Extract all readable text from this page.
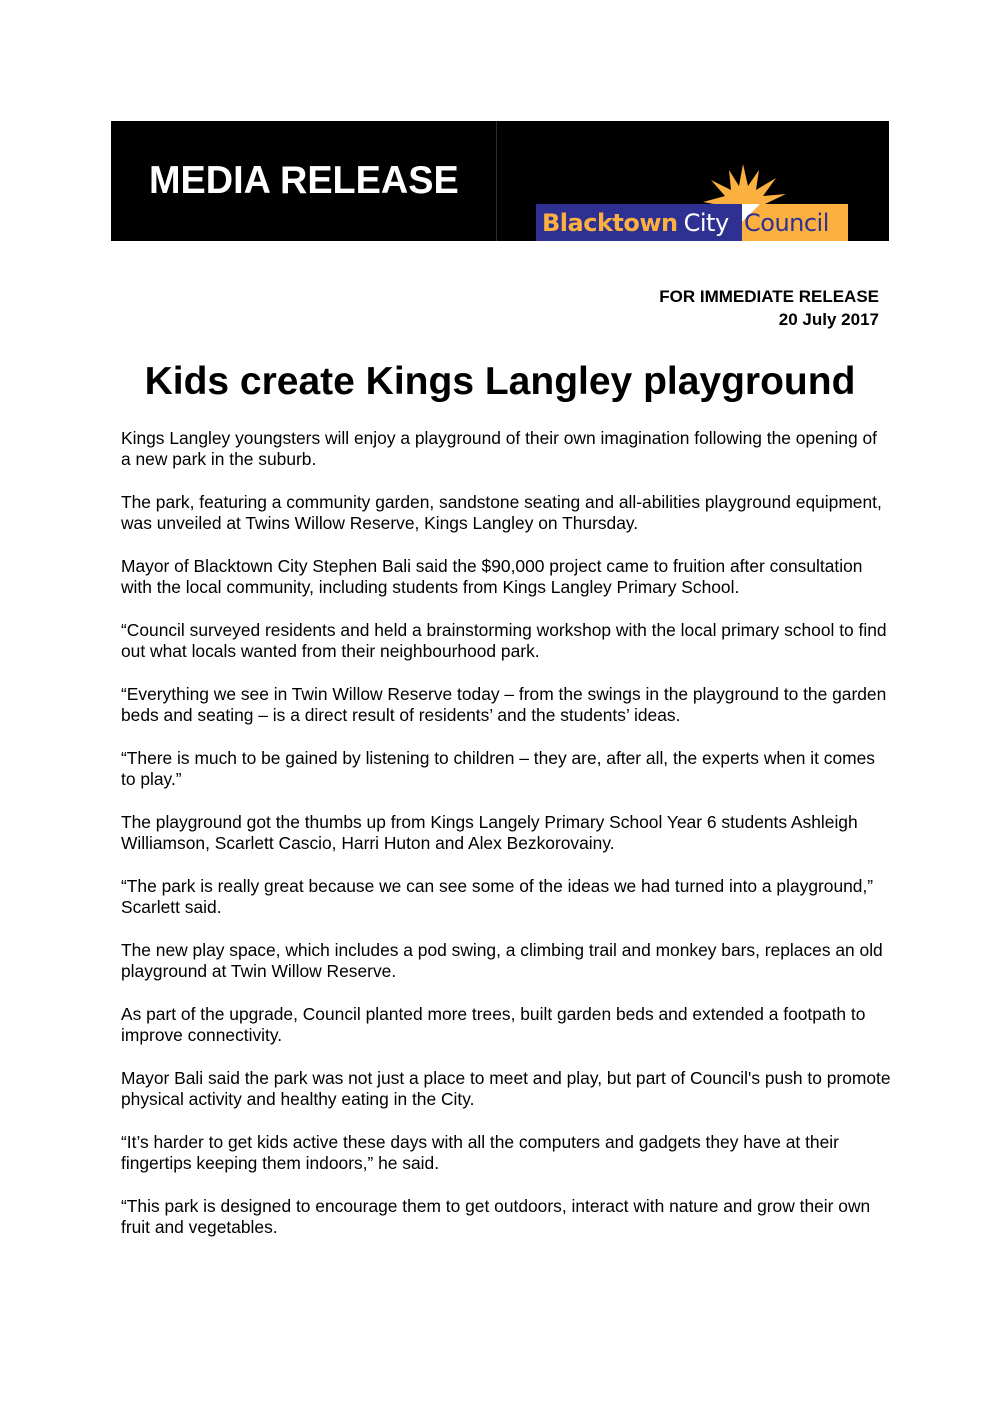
MEDIA RELEASE
Blacktown City Council
FOR IMMEDIATE RELEASE
20 July 2017
Kids create Kings Langley playground

Kings Langley youngsters will enjoy a playground of their own imagination following the opening of a new park in the suburb.

The park, featuring a community garden, sandstone seating and all-abilities playground equipment, was unveiled at Twins Willow Reserve, Kings Langley on Thursday.

Mayor of Blacktown City Stephen Bali said the $90,000 project came to fruition after consultation with the local community, including students from Kings Langley Primary School.

“Council surveyed residents and held a brainstorming workshop with the local primary school to find out what locals wanted from their neighbourhood park.

“Everything we see in Twin Willow Reserve today – from the swings in the playground to the garden beds and seating – is a direct result of residents’ and the students’ ideas.

“There is much to be gained by listening to children – they are, after all, the experts when it comes to play.”

The playground got the thumbs up from Kings Langely Primary School Year 6 students Ashleigh Williamson, Scarlett Cascio, Harri Huton and Alex Bezkorovainy.

“The park is really great because we can see some of the ideas we had turned into a playground,” Scarlett said.

The new play space, which includes a pod swing, a climbing trail and monkey bars, replaces an old playground at Twin Willow Reserve.

As part of the upgrade, Council planted more trees, built garden beds and extended a footpath to improve connectivity.

Mayor Bali said the park was not just a place to meet and play, but part of Council's push to promote physical activity and healthy eating in the City.

“It’s harder to get kids active these days with all the computers and gadgets they have at their fingertips keeping them indoors,” he said.

“This park is designed to encourage them to get outdoors, interact with nature and grow their own fruit and vegetables.
